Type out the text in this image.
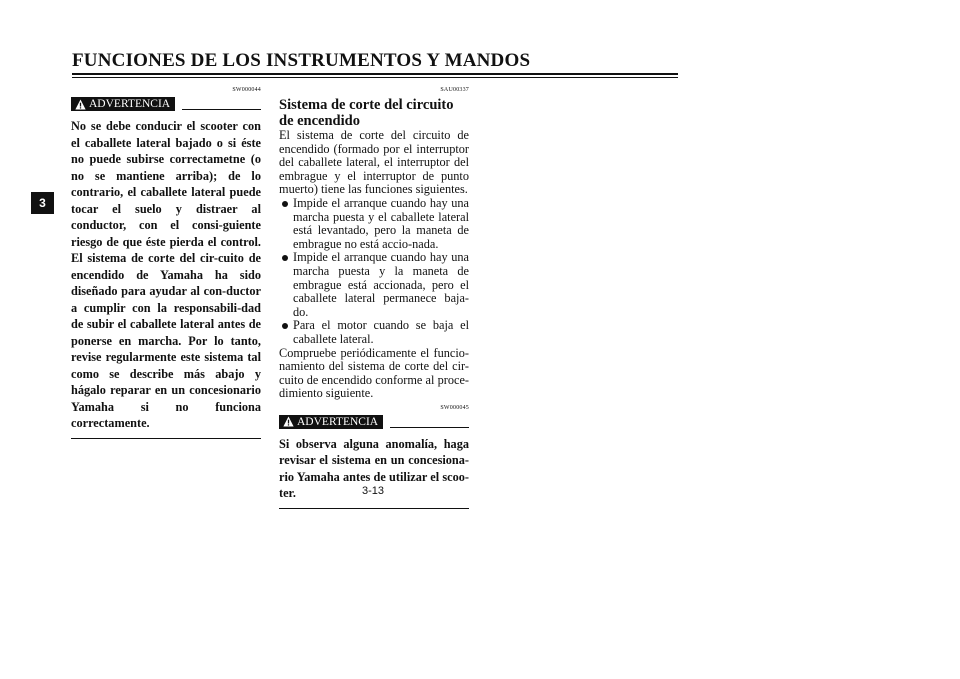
FUNCIONES DE LOS INSTRUMENTOS Y MANDOS
3
SW000044
ADVERTENCIA
No se debe conducir el scooter con el caballete lateral bajado o si éste no puede subirse correctametne (o no se mantiene arriba); de lo contrario, el caballete lateral puede tocar el suelo y distraer al conductor, con el consi-guiente riesgo de que éste pierda el control. El sistema de corte del cir-cuito de encendido de Yamaha ha sido diseñado para ayudar al con-ductor a cumplir con la responsabili-dad de subir el caballete lateral antes de ponerse en marcha. Por lo tanto, revise regularmente este sistema tal como se describe más abajo y hágalo reparar en un concesionario Yamaha si no funciona correctamente.
SAU00337
Sistema de corte del circuito de encendido
El sistema de corte del circuito de encendido (formado por el interruptor del caballete lateral, el interruptor del embrague y el interruptor de punto muerto) tiene las funciones siguientes.
Impide el arranque cuando hay una marcha puesta y el caballete lateral está levantado, pero la maneta de embrague no está accio-nada.
Impide el arranque cuando hay una marcha puesta y la maneta de embrague está accionada, pero el caballete lateral permanece baja-do.
Para el motor cuando se baja el caballete lateral.
Compruebe periódicamente el funcio-namiento del sistema de corte del cir-cuito de encendido conforme al proce-dimiento siguiente.
SW000045
ADVERTENCIA
Si observa alguna anomalía, haga revisar el sistema en un concesiona-rio Yamaha antes de utilizar el scoo-ter.	3-13
